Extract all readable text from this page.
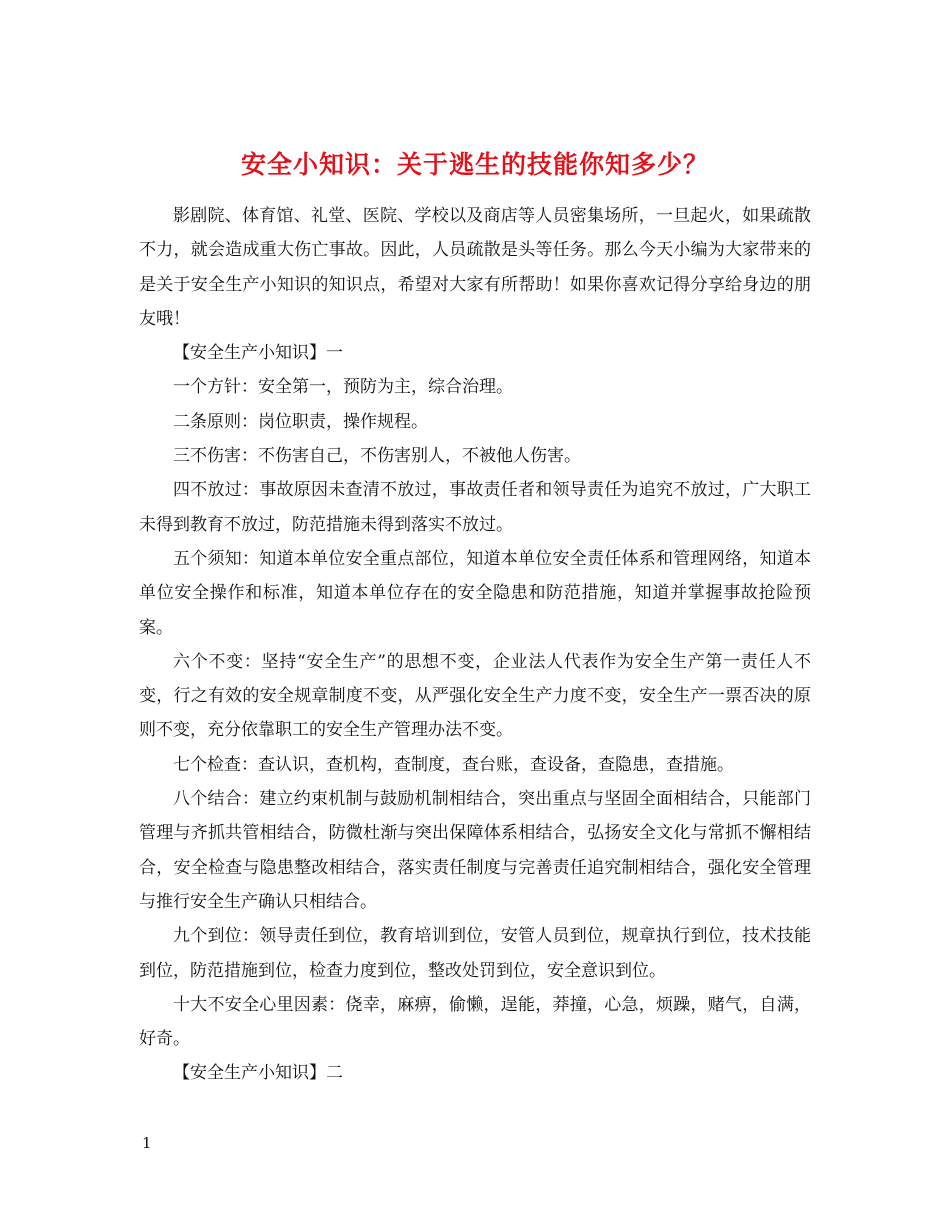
安全小知识：关于逃生的技能你知多少？

影剧院、体育馆、礼堂、医院、学校以及商店等人员密集场所，一旦起火，如果疏散不力，就会造成重大伤亡事故。因此，人员疏散是头等任务。那么今天小编为大家带来的是关于安全生产小知识的知识点，希望对大家有所帮助！如果你喜欢记得分享给身边的朋友哦！

【安全生产小知识】一

一个方针：安全第一，预防为主，综合治理。

二条原则：岗位职责，操作规程。

三不伤害：不伤害自己，不伤害别人，不被他人伤害。

四不放过：事故原因未查清不放过，事故责任者和领导责任为追究不放过，广大职工未得到教育不放过，防范措施未得到落实不放过。

五个须知：知道本单位安全重点部位，知道本单位安全责任体系和管理网络，知道本单位安全操作和标准，知道本单位存在的安全隐患和防范措施，知道并掌握事故抢险预案。

六个不变：坚持“安全生产”的思想不变，企业法人代表作为安全生产第一责任人不变，行之有效的安全规章制度不变，从严强化安全生产力度不变，安全生产一票否决的原则不变，充分依靠职工的安全生产管理办法不变。

七个检查：查认识，查机构，查制度，查台账，查设备，查隐患，查措施。

八个结合：建立约束机制与鼓励机制相结合，突出重点与坚固全面相结合，只能部门管理与齐抓共管相结合，防微杜渐与突出保障体系相结合，弘扬安全文化与常抓不懈相结合，安全检查与隐患整改相结合，落实责任制度与完善责任追究制相结合，强化安全管理与推行安全生产确认只相结合。

九个到位：领导责任到位，教育培训到位，安管人员到位，规章执行到位，技术技能到位，防范措施到位，检查力度到位，整改处罚到位，安全意识到位。

十大不安全心里因素：侥幸，麻痹，偷懒，逞能，莽撞，心急，烦躁，赌气，自满，好奇。

【安全生产小知识】二

1
